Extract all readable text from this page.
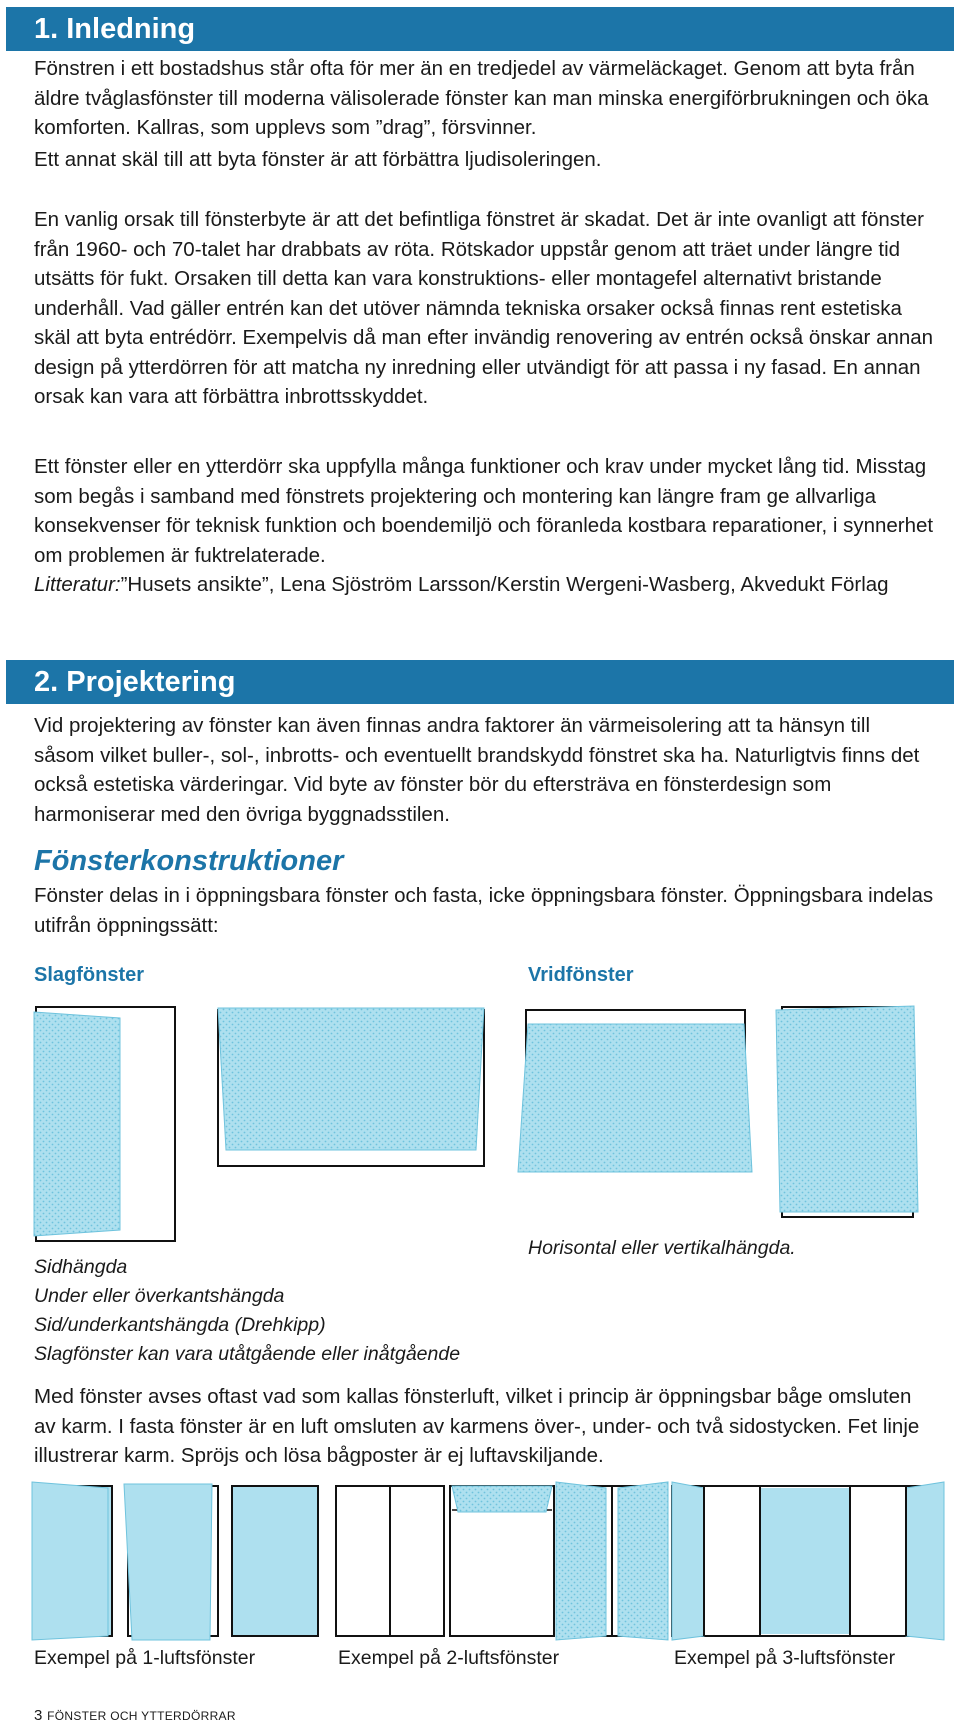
1. Inledning

Fönstren i ett bostadshus står ofta för mer än en tredjedel av värmeläckaget. Genom att byta från äldre tvåglasfönster till moderna välisolerade fönster kan man minska energiförbrukningen och öka komforten. Kallras, som upplevs som ”drag”, försvinner.

Ett annat skäl till att byta fönster är att förbättra ljudisoleringen.

En vanlig orsak till fönsterbyte är att det befintliga fönstret är skadat. Det är inte ovanligt att fönster från 1960- och 70-talet har drabbats av röta. Rötskador uppstår genom att träet under längre tid utsätts för fukt. Orsaken till detta kan vara konstruktions- eller montagefel alternativt bristande underhåll. Vad gäller entrén kan det utöver nämnda tekniska orsaker också finnas rent estetiska skäl att byta entrédörr. Exempelvis då man efter invändig renovering av entrén också önskar annan design på ytterdörren för att matcha ny inredning eller utvändigt för att passa i ny fasad. En annan orsak kan vara att förbättra inbrottsskyddet.

Ett fönster eller en ytterdörr ska uppfylla många funktioner och krav under mycket lång tid. Misstag som begås i samband med fönstrets projektering och montering kan längre fram ge allvarliga konsekvenser för teknisk funktion och boendemiljö och föranleda kostbara reparationer, i synnerhet om problemen är fuktrelaterade.

Litteratur:”Husets ansikte”, Lena Sjöström Larsson/Kerstin Wergeni-Wasberg, Akvedukt Förlag

2. Projektering

Vid projektering av fönster kan även finnas andra faktorer än värmeisolering att ta hänsyn till såsom vilket buller-, sol-, inbrotts- och eventuellt brandskydd fönstret ska ha. Naturligtvis finns det också estetiska värderingar. Vid byte av fönster bör du eftersträva en fönsterdesign som harmoniserar med den övriga byggnadsstilen.

Fönsterkonstruktioner

Fönster delas in i öppningsbara fönster och fasta, icke öppningsbara fönster. Öppningsbara indelas utifrån öppningssätt:

Slagfönster	Vridfönster
Sidhängda
Under eller överkantshängda
Sid/underkantshängda (Drehkipp)
Slagfönster kan vara utåtgående eller inåtgående
Horisontal eller vertikalhängda.

Med fönster avses oftast vad som kallas fönsterluft, vilket i princip är öppningsbar båge omsluten av karm. I fasta fönster är en luft omsluten av karmens över-, under- och två sidostycken. Fet linje illustrerar karm. Spröjs och lösa bågposter är ej luftavskiljande.

Exempel på 1-luftsfönster	Exempel på 2-luftsfönster	Exempel på 3-luftsfönster
3 FÖNSTER OCH YTTERDÖRRAR
